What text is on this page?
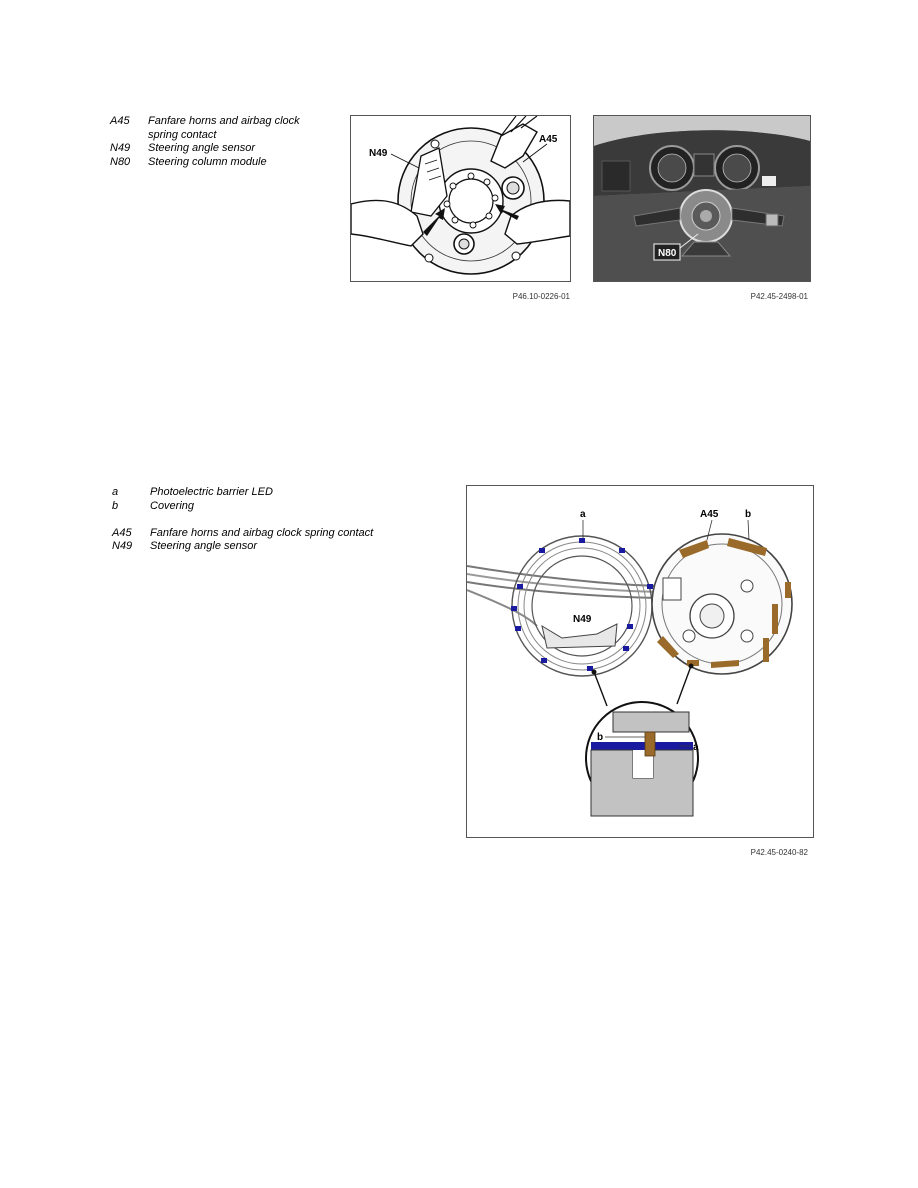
A45	Fanfare horns and airbag clock spring contact
N49	Steering angle sensor
N80	Steering column module
N49
A45
P46.10-0226-01
N80
P42.45-2498-01
a	Photoelectric barrier LED
b	Covering
A45	Fanfare horns and airbag clock spring contact
N49	Steering angle sensor
a	A45	b
N49
b
a
P42.45-0240-82
